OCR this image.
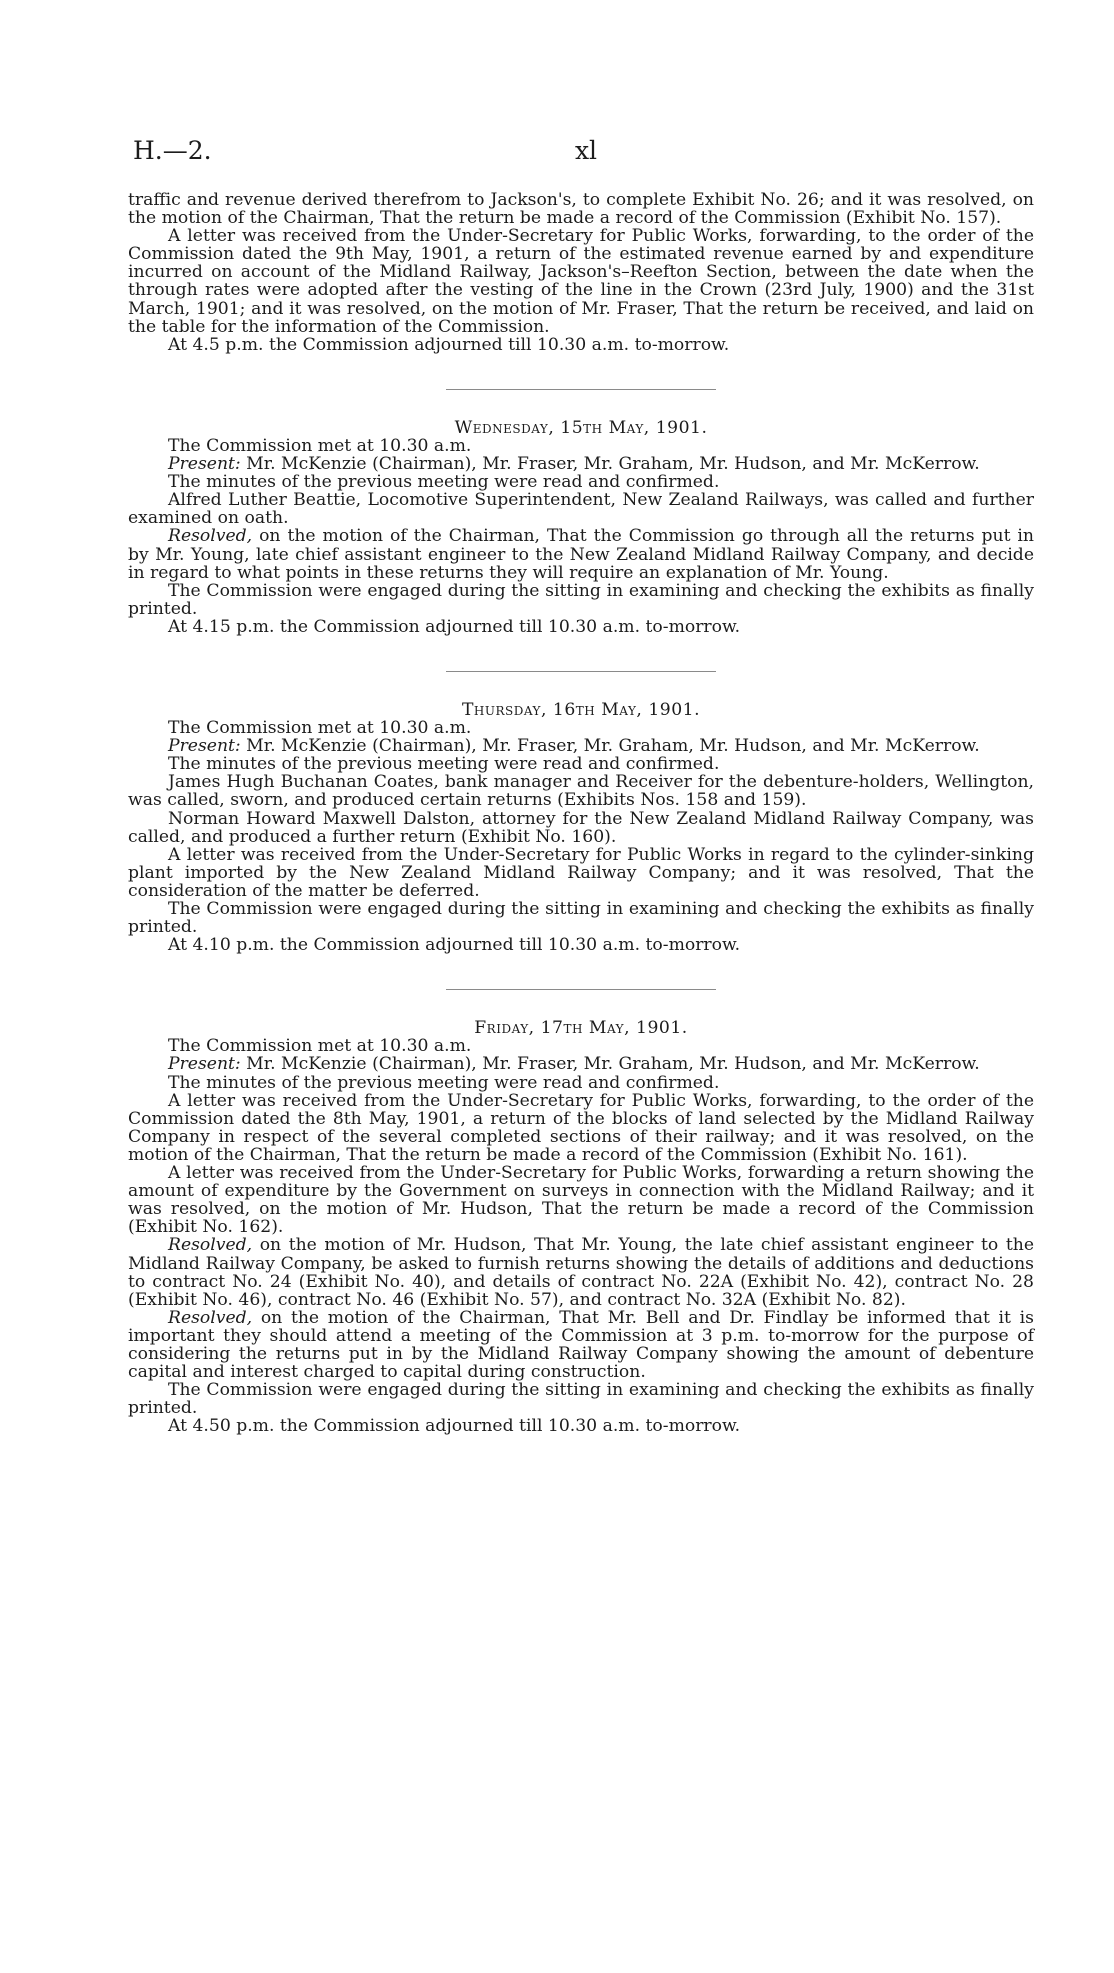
H.—2.	xl

traffic and revenue derived therefrom to Jackson's, to complete Exhibit No. 26; and it was resolved, on the motion of the Chairman, That the return be made a record of the Commission (Exhibit No. 157).

A letter was received from the Under-Secretary for Public Works, forwarding, to the order of the Commission dated the 9th May, 1901, a return of the estimated revenue earned by and expenditure incurred on account of the Midland Railway, Jackson's–Reefton Section, between the date when the through rates were adopted after the vesting of the line in the Crown (23rd July, 1900) and the 31st March, 1901; and it was resolved, on the motion of Mr. Fraser, That the return be received, and laid on the table for the information of the Commission.

At 4.5 p.m. the Commission adjourned till 10.30 a.m. to-morrow.

Wednesday, 15th May, 1901.

The Commission met at 10.30 a.m.

Present: Mr. McKenzie (Chairman), Mr. Fraser, Mr. Graham, Mr. Hudson, and Mr. McKerrow.

The minutes of the previous meeting were read and confirmed.

Alfred Luther Beattie, Locomotive Superintendent, New Zealand Railways, was called and further examined on oath.

Resolved, on the motion of the Chairman, That the Commission go through all the returns put in by Mr. Young, late chief assistant engineer to the New Zealand Midland Railway Company, and decide in regard to what points in these returns they will require an explanation of Mr. Young.

The Commission were engaged during the sitting in examining and checking the exhibits as finally printed.

At 4.15 p.m. the Commission adjourned till 10.30 a.m. to-morrow.

Thursday, 16th May, 1901.

The Commission met at 10.30 a.m.

Present: Mr. McKenzie (Chairman), Mr. Fraser, Mr. Graham, Mr. Hudson, and Mr. McKerrow.

The minutes of the previous meeting were read and confirmed.

James Hugh Buchanan Coates, bank manager and Receiver for the debenture-holders, Wellington, was called, sworn, and produced certain returns (Exhibits Nos. 158 and 159).

Norman Howard Maxwell Dalston, attorney for the New Zealand Midland Railway Company, was called, and produced a further return (Exhibit No. 160).

A letter was received from the Under-Secretary for Public Works in regard to the cylinder-sinking plant imported by the New Zealand Midland Railway Company; and it was resolved, That the consideration of the matter be deferred.

The Commission were engaged during the sitting in examining and checking the exhibits as finally printed.

At 4.10 p.m. the Commission adjourned till 10.30 a.m. to-morrow.

Friday, 17th May, 1901.

The Commission met at 10.30 a.m.

Present: Mr. McKenzie (Chairman), Mr. Fraser, Mr. Graham, Mr. Hudson, and Mr. McKerrow.

The minutes of the previous meeting were read and confirmed.

A letter was received from the Under-Secretary for Public Works, forwarding, to the order of the Commission dated the 8th May, 1901, a return of the blocks of land selected by the Midland Railway Company in respect of the several completed sections of their railway; and it was resolved, on the motion of the Chairman, That the return be made a record of the Commission (Exhibit No. 161).

A letter was received from the Under-Secretary for Public Works, forwarding a return showing the amount of expenditure by the Government on surveys in connection with the Midland Railway; and it was resolved, on the motion of Mr. Hudson, That the return be made a record of the Commission (Exhibit No. 162).

Resolved, on the motion of Mr. Hudson, That Mr. Young, the late chief assistant engineer to the Midland Railway Company, be asked to furnish returns showing the details of additions and deductions to contract No. 24 (Exhibit No. 40), and details of contract No. 22A (Exhibit No. 42), contract No. 28 (Exhibit No. 46), contract No. 46 (Exhibit No. 57), and contract No. 32A (Exhibit No. 82).

Resolved, on the motion of the Chairman, That Mr. Bell and Dr. Findlay be informed that it is important they should attend a meeting of the Commission at 3 p.m. to-morrow for the purpose of considering the returns put in by the Midland Railway Company showing the amount of debenture capital and interest charged to capital during construction.

The Commission were engaged during the sitting in examining and checking the exhibits as finally printed.

At 4.50 p.m. the Commission adjourned till 10.30 a.m. to-morrow.
